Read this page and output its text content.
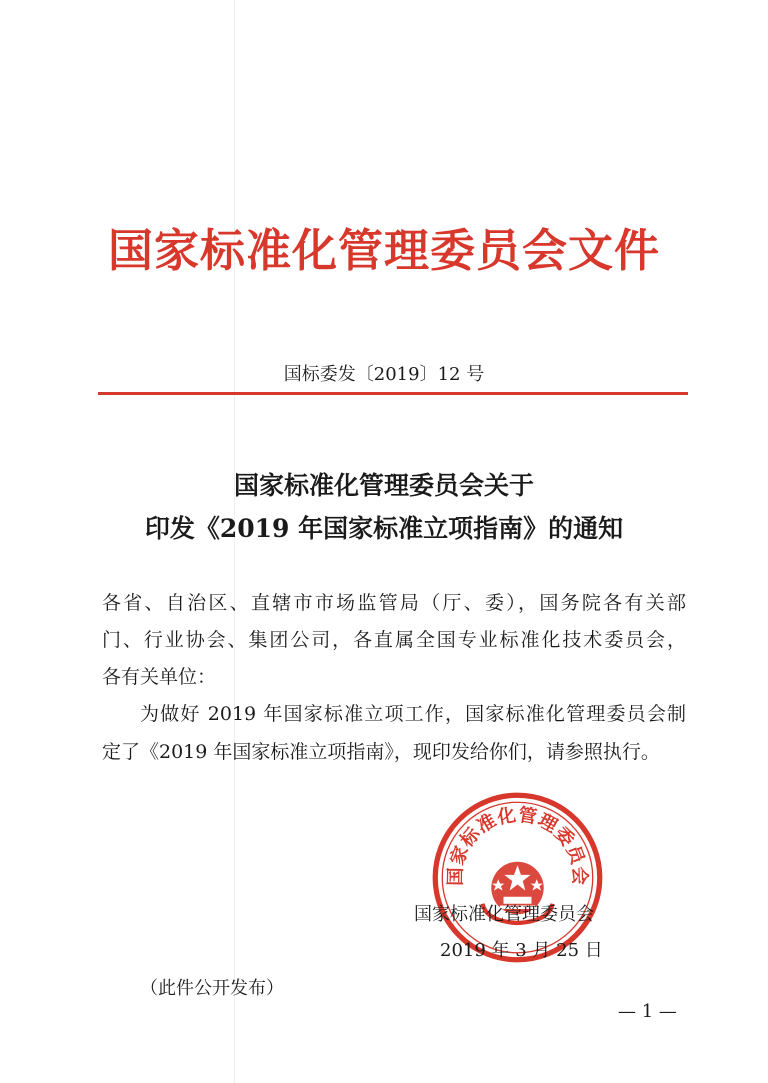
国家标准化管理委员会文件
国标委发〔2019〕12 号
国家标准化管理委员会关于
印发《2019 年国家标准立项指南》的通知
各省、自治区、直辖市市场监管局（厅、委），国务院各有关部
门、行业协会、集团公司，各直属全国专业标准化技术委员会，
各有关单位：
为做好 2019 年国家标准立项工作，国家标准化管理委员会制
定了《2019 年国家标准立项指南》，现印发给你们，请参照执行。
国家标准化管理委员会
国家标准化管理委员会
2019 年 3 月 25 日
（此件公开发布）
— 1 —
